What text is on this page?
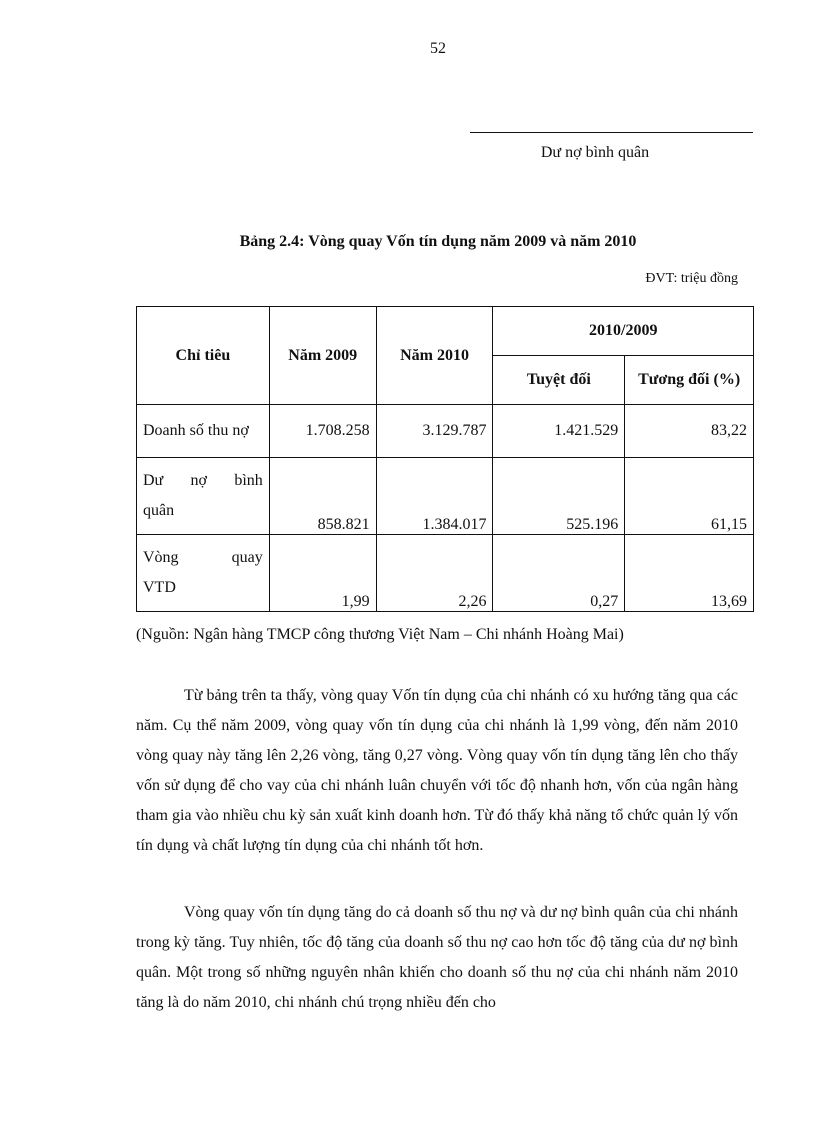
52
Dư nợ bình quân
Bảng 2.4: Vòng quay Vốn tín dụng năm 2009 và năm 2010
ĐVT: triệu đồng
Chỉ tiêu	Năm 2009	Năm 2010	2010/2009	
			Tuyệt đối	Tương đối (%)
Doanh số thu nợ	1.708.258	3.129.787	1.421.529	83,22

Dư nợ bình
quân	858.821	1.384.017	525.196	61,15

Vòng quay
VTD	1,99	2,26	0,27	13,69
(Nguồn: Ngân hàng TMCP công thương Việt Nam – Chi nhánh Hoàng Mai)

Từ bảng trên ta thấy, vòng quay Vốn tín dụng của chi nhánh có xu hướng tăng qua các năm. Cụ thể năm 2009, vòng quay vốn tín dụng của chi nhánh là 1,99 vòng, đến năm 2010 vòng quay này tăng lên 2,26 vòng, tăng 0,27 vòng. Vòng quay vốn tín dụng tăng lên cho thấy vốn sử dụng để cho vay của chi nhánh luân chuyển với tốc độ nhanh hơn, vốn của ngân hàng tham gia vào nhiều chu kỳ sản xuất kinh doanh hơn. Từ đó thấy khả năng tổ chức quản lý vốn tín dụng và chất lượng tín dụng của chi nhánh tốt hơn.

Vòng quay vốn tín dụng tăng do cả doanh số thu nợ và dư nợ bình quân của chi nhánh trong kỳ tăng. Tuy nhiên, tốc độ tăng của doanh số thu nợ cao hơn tốc độ tăng của dư nợ bình quân. Một trong số những nguyên nhân khiến cho doanh số thu nợ của chi nhánh năm 2010 tăng là do năm 2010, chi nhánh chú trọng nhiều đến cho
